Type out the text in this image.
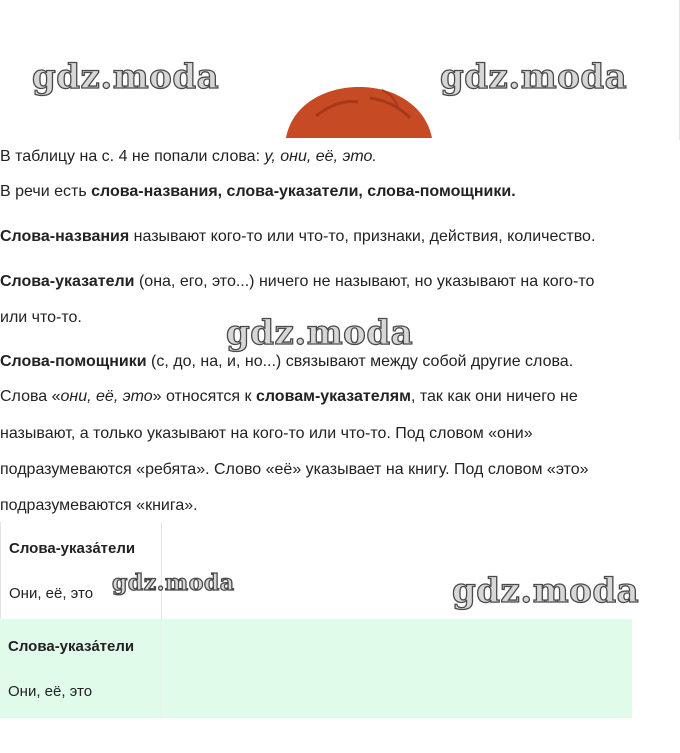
gdz.moda	gdz.moda
В таблицу на с. 4 не попали слова: у, они, её, это.
В речи есть слова-названия, слова-указатели, слова-помощники.
Слова-названия называют кого-то или что-то, признаки, действия, количество.
Слова-указатели (она, его, это...) ничего не называют, но указывают на кого-то
или что-то.	gdz.moda
Слова-помощники (с, до, на, и, но...) связывают между собой другие слова.
Слова «они, её, это» относятся к словам-указателям, так как они ничего не
называют, а только указывают на кого-то или что-то. Под словом «они»
подразумеваются «ребята». Слово «её» указывает на книгу. Под словом «это»
подразумеваются «книга».
Слова-указа́тели
Они, её, это
Слова-указа́тели
Они, её, это
gdz.moda	gdz.moda
